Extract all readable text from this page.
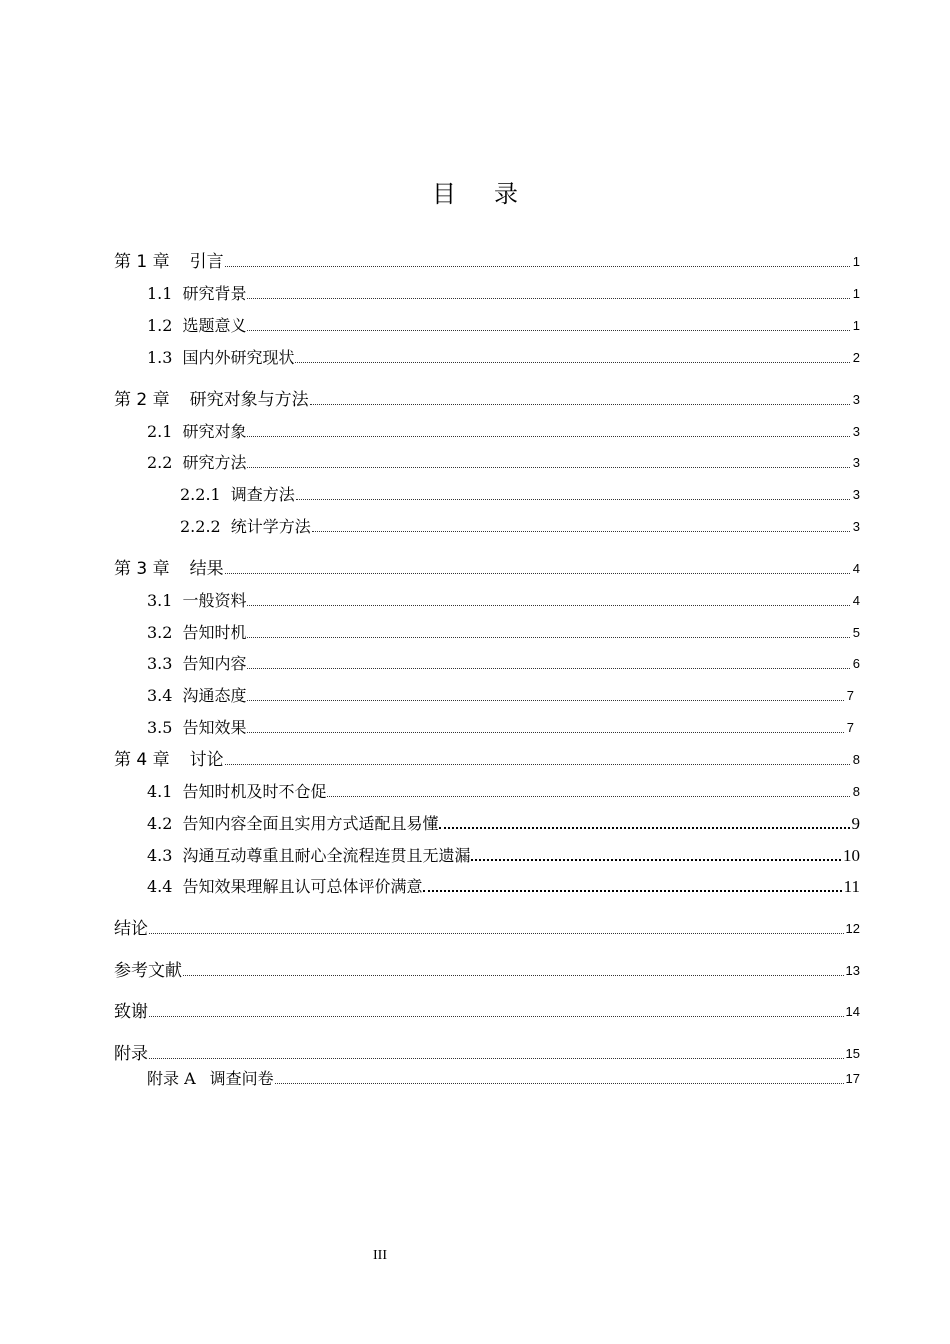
目录
第 1 章 引言	1
1.1 研究背景	1
1.2 选题意义	1
1.3 国内外研究现状	2
第 2 章 研究对象与方法	3
2.1 研究对象	3
2.2 研究方法	3
2.2.1 调查方法	3
2.2.2 统计学方法	3
第 3 章 结果	4
3.1 一般资料	4
3.2 告知时机	5
3.3 告知内容	6
3.4 沟通态度	7
3.5 告知效果	7
第 4 章 讨论	8
4.1 告知时机及时不仓促	8
4.2 告知内容全面且实用方式适配且易懂	9
4.3 沟通互动尊重且耐心全流程连贯且无遗漏	10
4.4 告知效果理解且认可总体评价满意	11
结论	12
参考文献	13
致谢	14
附录	15
附录 A 调查问卷	17
III
